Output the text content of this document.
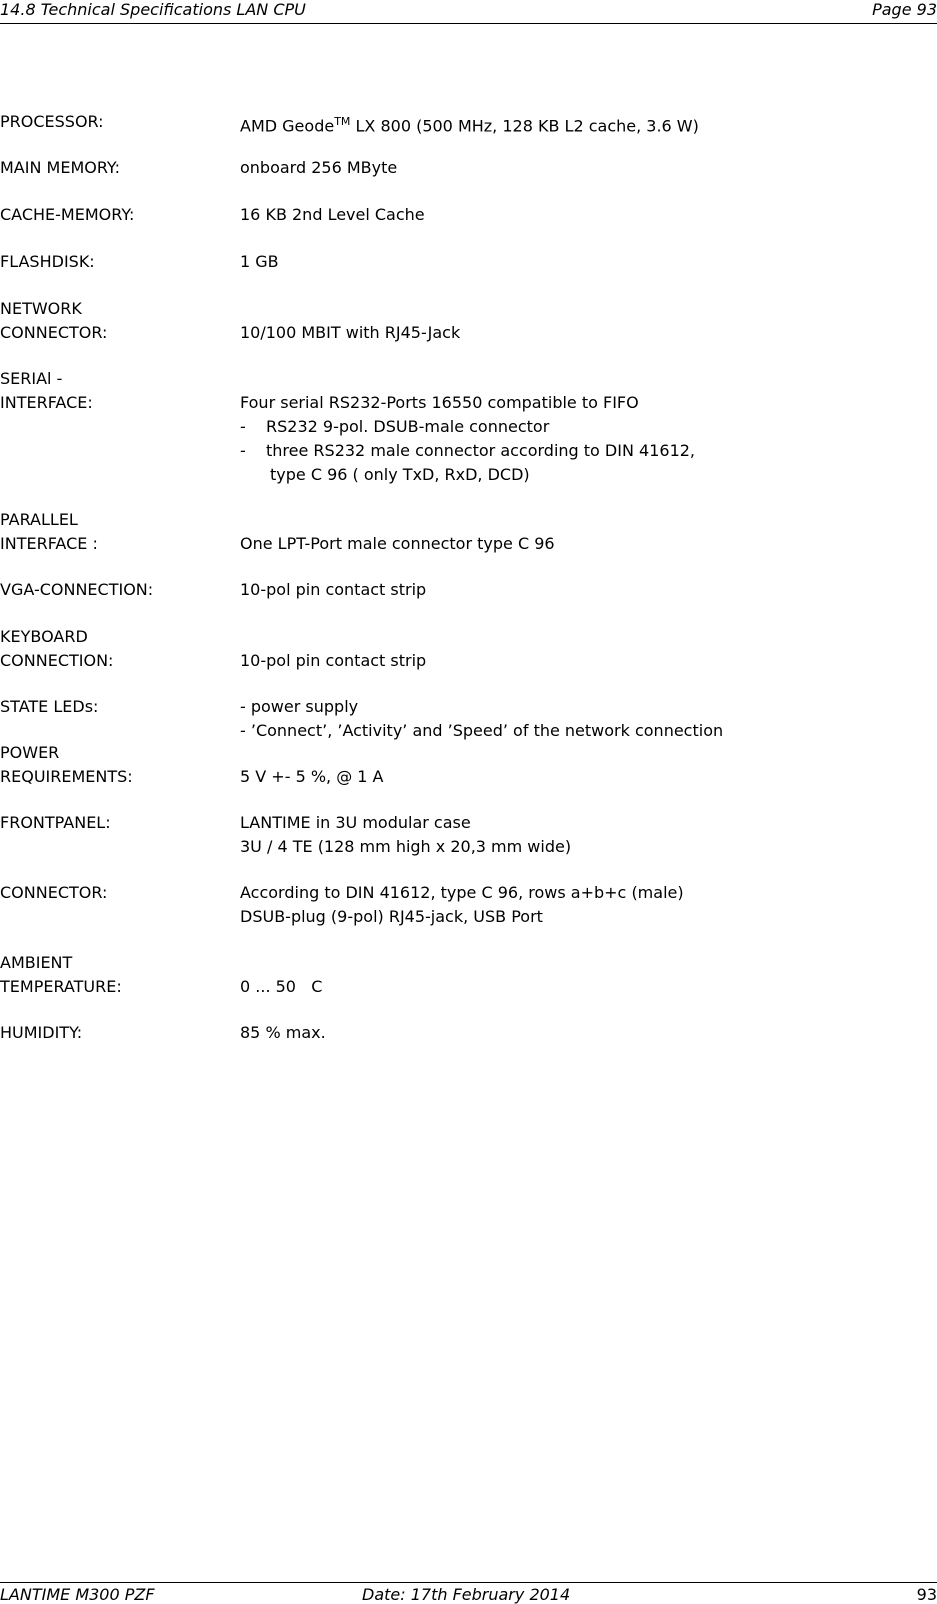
14.8 Technical Specifications LAN CPU	Page 93
PROCESSOR:	AMD Geode™ LX 800 (500 MHz, 128 KB L2 cache, 3.6 W)
MAIN MEMORY:	onboard 256 MByte
CACHE-MEMORY:	16 KB 2nd Level Cache
FLASHDISK:	1 GB
NETWORK
CONNECTOR:	10/100 MBIT with RJ45-Jack
SERIAl -
INTERFACE:	Four serial RS232-Ports 16550 compatible to FIFO
- RS232 9-pol. DSUB-male connector
- three RS232 male connector according to DIN 41612,
type C 96 ( only TxD, RxD, DCD)
PARALLEL
INTERFACE :	One LPT-Port male connector type C 96
VGA-CONNECTION:	10-pol pin contact strip
KEYBOARD
CONNECTION:	10-pol pin contact strip
STATE LEDs:	- power supply
- ’Connect’, ’Activity’ and ’Speed’ of the network connection
POWER
REQUIREMENTS:	5 V +- 5 %, @ 1 A
FRONTPANEL:	LANTIME in 3U modular case
3U / 4 TE (128 mm high x 20,3 mm wide)
CONNECTOR:	According to DIN 41612, type C 96, rows a+b+c (male)
DSUB-plug (9-pol) RJ45-jack, USB Port
AMBIENT
TEMPERATURE:	0 ... 50   C
HUMIDITY:	85 % max.
LANTIME M300 PZF	Date: 17th February 2014	93
